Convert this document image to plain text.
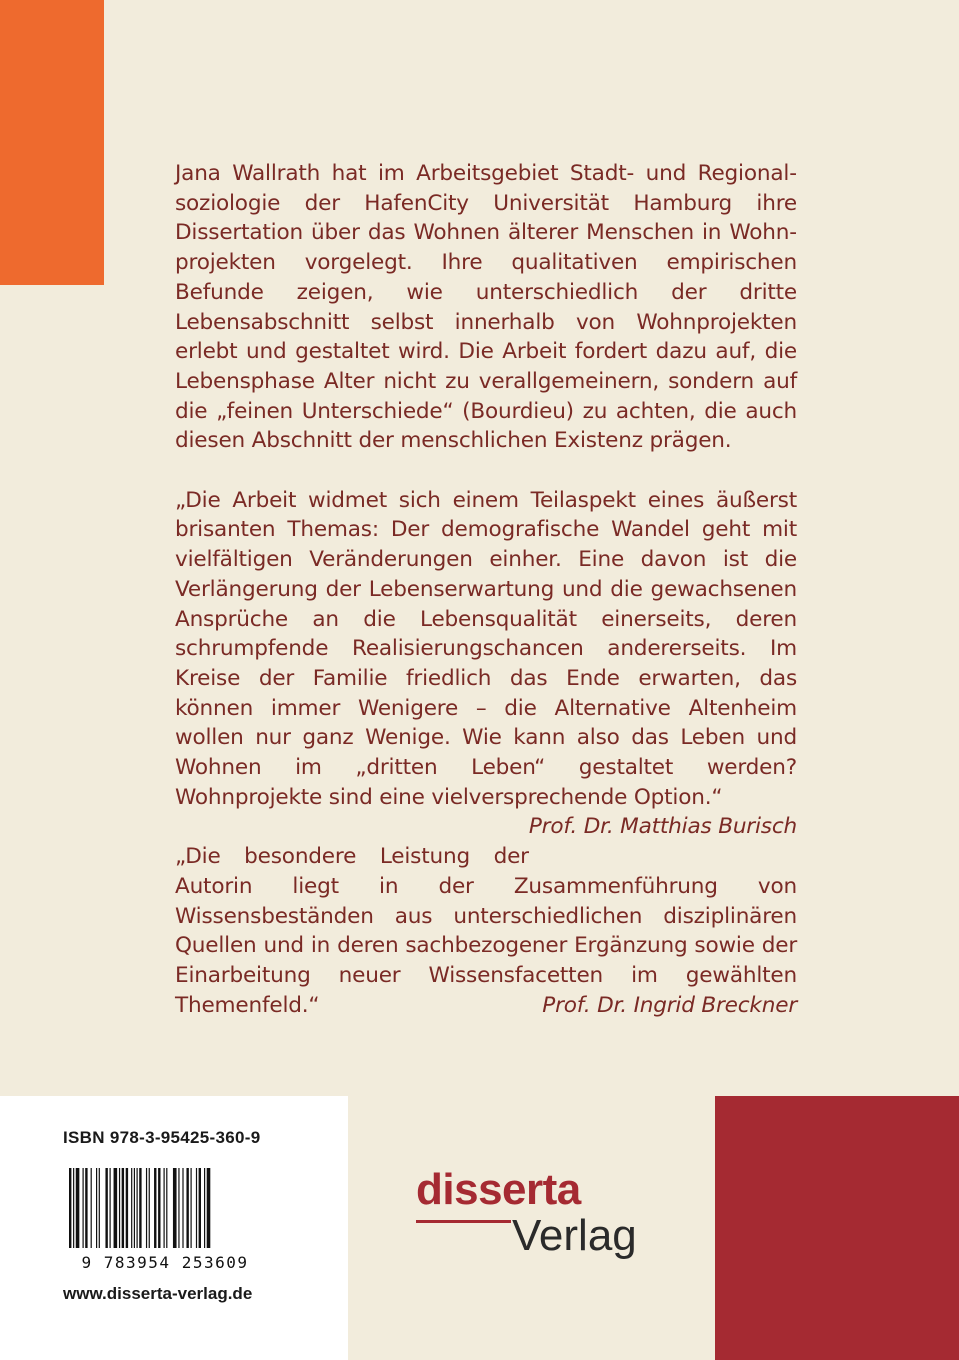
Jana Wallrath hat im Arbeitsgebiet Stadt- und Regionalsoziologie der HafenCity Universität Hamburg ihre Dissertation über das Wohnen älterer Menschen in Wohnprojekten vorgelegt. Ihre qualitativen empirischen Befunde zeigen, wie unterschiedlich der dritte Lebensabschnitt selbst innerhalb von Wohnprojekten erlebt und gestaltet wird. Die Arbeit fordert dazu auf, die Lebensphase Alter nicht zu verallgemeinern, sondern auf die „feinen Unterschiede“ (Bourdieu) zu achten, die auch diesen Abschnitt der menschlichen Existenz prägen.

„Die Arbeit widmet sich einem Teilaspekt eines äußerst brisanten Themas: Der demografische Wandel geht mit vielfältigen Veränderungen einher. Eine davon ist die Verlängerung der Lebenserwartung und die gewachsenen Ansprüche an die Lebensqualität einerseits, deren schrumpfende Realisierungschancen andererseits. Im Kreise der Familie friedlich das Ende erwarten, das können immer Wenigere – die Alternative Altenheim wollen nur ganz Wenige. Wie kann also das Leben und Wohnen im „dritten Leben“ gestaltet werden? Wohnprojekte sind eine vielversprechende Option.“
Prof. Dr. Matthias Burisch

„Die besondere Leistung der Autorin liegt in der Zusammenführung von Wissensbeständen aus unterschiedlichen disziplinären Quellen und in deren sachbezogener Ergänzung sowie der Einarbeitung neuer Wissensfacetten im gewählten Themenfeld.“	Prof. Dr. Ingrid Breckner

ISBN 978-3-95425-360-9
9 783954 253609
www.disserta-verlag.de
disserta
Verlag
